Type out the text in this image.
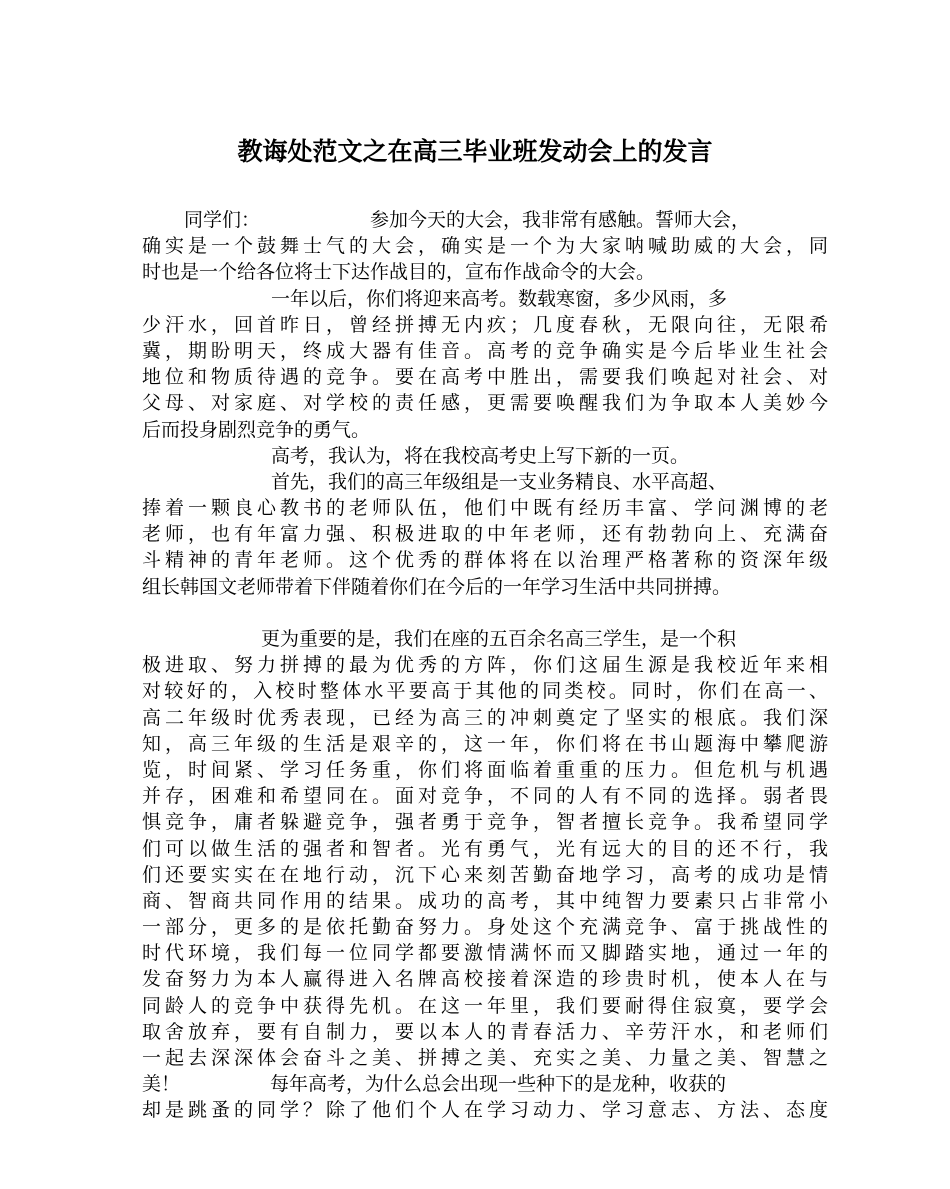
教诲处范文之在高三毕业班发动会上的发言
同学们：	参加今天的大会，我非常有感触。誓师大会，
确实是一个鼓舞士气的大会，确实是一个为大家呐喊助威的大会，同
时也是一个给各位将士下达作战目的，宣布作战命令的大会。
一年以后，你们将迎来高考。数载寒窗，多少风雨，多
少汗水，回首昨日，曾经拼搏无内疚；几度春秋，无限向往，无限希
冀，期盼明天，终成大器有佳音。高考的竞争确实是今后毕业生社会
地位和物质待遇的竞争。要在高考中胜出，需要我们唤起对社会、对
父母、对家庭、对学校的责任感，更需要唤醒我们为争取本人美妙今
后而投身剧烈竞争的勇气。
高考，我认为，将在我校高考史上写下新的一页。
首先，我们的高三年级组是一支业务精良、水平高超、
捧着一颗良心教书的老师队伍，他们中既有经历丰富、学问渊博的老
老师，也有年富力强、积极进取的中年老师，还有勃勃向上、充满奋
斗精神的青年老师。这个优秀的群体将在以治理严格著称的资深年级
组长韩国文老师带着下伴随着你们在今后的一年学习生活中共同拼搏。
更为重要的是，我们在座的五百余名高三学生，是一个积
极进取、努力拼搏的最为优秀的方阵，你们这届生源是我校近年来相
对较好的，入校时整体水平要高于其他的同类校。同时，你们在高一、
高二年级时优秀表现，已经为高三的冲刺奠定了坚实的根底。我们深
知，高三年级的生活是艰辛的，这一年，你们将在书山题海中攀爬游
览，时间紧、学习任务重，你们将面临着重重的压力。但危机与机遇
并存，困难和希望同在。面对竞争，不同的人有不同的选择。弱者畏
惧竞争，庸者躲避竞争，强者勇于竞争，智者擅长竞争。我希望同学
们可以做生活的强者和智者。光有勇气，光有远大的目的还不行，我
们还要实实在在地行动，沉下心来刻苦勤奋地学习，高考的成功是情
商、智商共同作用的结果。成功的高考，其中纯智力要素只占非常小
一部分，更多的是依托勤奋努力。身处这个充满竞争、富于挑战性的
时代环境，我们每一位同学都要激情满怀而又脚踏实地，通过一年的
发奋努力为本人赢得进入名牌高校接着深造的珍贵时机，使本人在与
同龄人的竞争中获得先机。在这一年里，我们要耐得住寂寞，要学会
取舍放弃，要有自制力，要以本人的青春活力、辛劳汗水，和老师们
一起去深深体会奋斗之美、拼搏之美、充实之美、力量之美、智慧之
美！	每年高考，为什么总会出现一些种下的是龙种，收获的
却是跳蚤的同学？除了他们个人在学习动力、学习意志、方法、态度
